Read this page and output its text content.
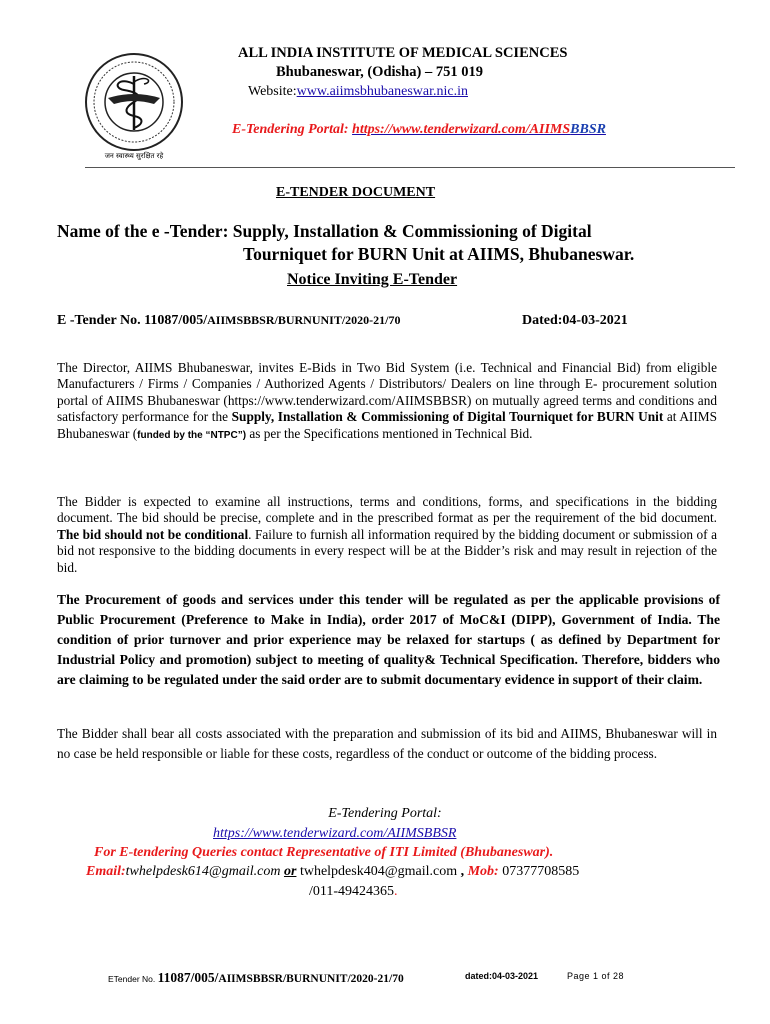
जन स्वास्थ्य सुरक्षित रहे
ALL INDIA INSTITUTE OF MEDICAL SCIENCES
Bhubaneswar, (Odisha) – 751 019
Website:www.aiimsbhubaneswar.nic.in
E-Tendering Portal: https://www.tenderwizard.com/AIIMSBBSR
E-TENDER DOCUMENT
Name of the e -Tender: Supply, Installation & Commissioning of Digital
Tourniquet for BURN Unit at AIIMS, Bhubaneswar.
Notice Inviting E-Tender
E -Tender No. 11087/005/AIIMSBBSR/BURNUNIT/2020-21/70	Dated:04-03-2021
The Director, AIIMS Bhubaneswar, invites E-Bids in Two Bid System (i.e. Technical and Financial Bid) from eligible Manufacturers / Firms / Companies / Authorized Agents / Distributors/ Dealers on line through E- procurement solution portal of AIIMS Bhubaneswar (https://www.tenderwizard.com/AIIMSBBSR) on mutually agreed terms and conditions and satisfactory performance for the Supply, Installation & Commissioning of Digital Tourniquet for BURN Unit at AIIMS Bhubaneswar (funded by the “NTPC”) as per the Specifications mentioned in Technical Bid.
The Bidder is expected to examine all instructions, terms and conditions, forms, and specifications in the bidding document. The bid should be precise, complete and in the prescribed format as per the requirement of the bid document. The bid should not be conditional. Failure to furnish all information required by the bidding document or submission of a bid not responsive to the bidding documents in every respect will be at the Bidder’s risk and may result in rejection of the bid.
The Procurement of goods and services under this tender will be regulated as per the applicable provisions of Public Procurement (Preference to Make in India), order 2017 of MoC&I (DIPP), Government of India. The condition of prior turnover and prior experience may be relaxed for startups ( as defined by Department for Industrial Policy and promotion) subject to meeting of quality& Technical Specification. Therefore, bidders who are claiming to be regulated under the said order are to submit documentary evidence in support of their claim.
The Bidder shall bear all costs associated with the preparation and submission of its bid and AIIMS, Bhubaneswar will in no case be held responsible or liable for these costs, regardless of the conduct or outcome of the bidding process.
E-Tendering Portal:
https://www.tenderwizard.com/AIIMSBBSR
For E-tendering Queries contact Representative of ITI Limited (Bhubaneswar).
Email:twhelpdesk614@gmail.com or twhelpdesk404@gmail.com , Mob: 07377708585
/011-49424365.
ETender No. 11087/005/AIIMSBBSR/BURNUNIT/2020-21/70	dated:04-03-2021	Page 1 of 28
